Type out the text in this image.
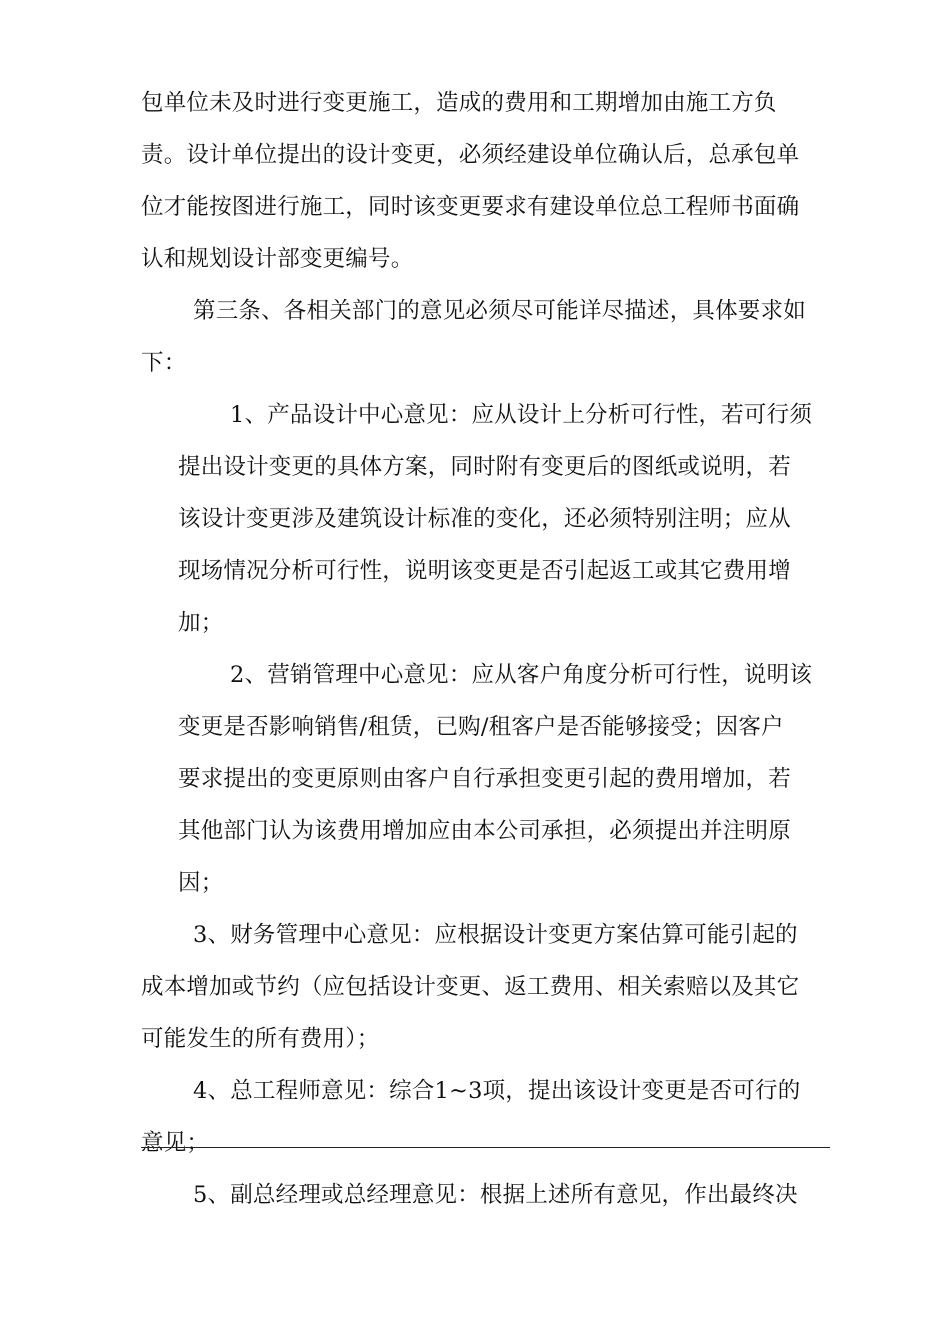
包单位未及时进行变更施工，造成的费用和工期增加由施工方负
责。设计单位提出的设计变更，必须经建设单位确认后，总承包单
位才能按图进行施工，同时该变更要求有建设单位总工程师书面确
认和规划设计部变更编号。
第三条、各相关部门的意见必须尽可能详尽描述，具体要求如
下：
1、产品设计中心意见：应从设计上分析可行性，若可行须
提出设计变更的具体方案，同时附有变更后的图纸或说明，若
该设计变更涉及建筑设计标准的变化，还必须特别注明；应从
现场情况分析可行性，说明该变更是否引起返工或其它费用增
加；
2、营销管理中心意见：应从客户角度分析可行性，说明该
变更是否影响销售/租赁，已购/租客户是否能够接受；因客户
要求提出的变更原则由客户自行承担变更引起的费用增加，若
其他部门认为该费用增加应由本公司承担，必须提出并注明原
因；
3、财务管理中心意见：应根据设计变更方案估算可能引起的
成本增加或节约（应包括设计变更、返工费用、相关索赔以及其它
可能发生的所有费用）；
4、总工程师意见：综合1~3项，提出该设计变更是否可行的
意见；
5、副总经理或总经理意见：根据上述所有意见，作出最终决
